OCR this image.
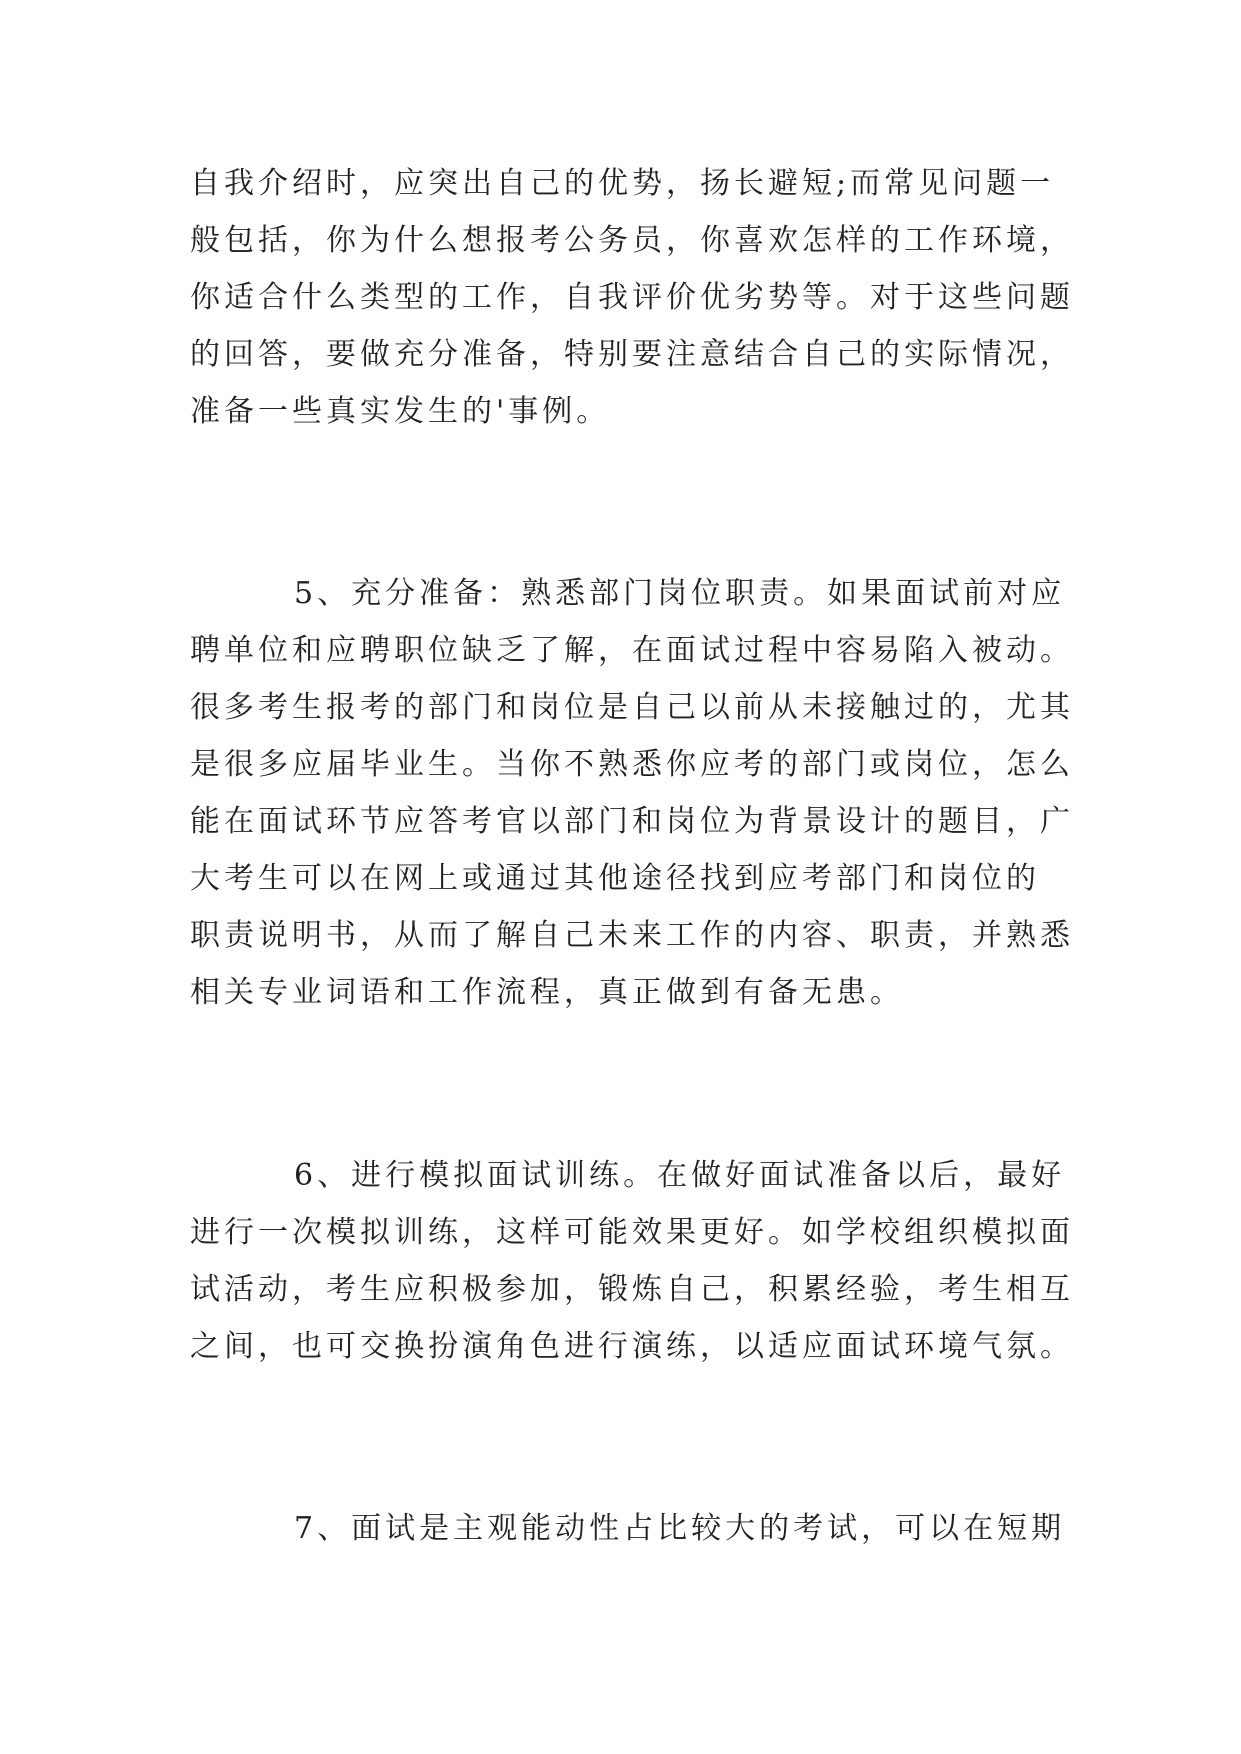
自我介绍时，应突出自己的优势，扬长避短;而常见问题一
般包括，你为什么想报考公务员，你喜欢怎样的工作环境，
你适合什么类型的工作，自我评价优劣势等。对于这些问题
的回答，要做充分准备，特别要注意结合自己的实际情况，
准备一些真实发生的'事例。

5、充分准备：熟悉部门岗位职责。如果面试前对应
聘单位和应聘职位缺乏了解，在面试过程中容易陷入被动。
很多考生报考的部门和岗位是自己以前从未接触过的，尤其
是很多应届毕业生。当你不熟悉你应考的部门或岗位，怎么
能在面试环节应答考官以部门和岗位为背景设计的题目，广
大考生可以在网上或通过其他途径找到应考部门和岗位的
职责说明书，从而了解自己未来工作的内容、职责，并熟悉
相关专业词语和工作流程，真正做到有备无患。

6、进行模拟面试训练。在做好面试准备以后，最好
进行一次模拟训练，这样可能效果更好。如学校组织模拟面
试活动，考生应积极参加，锻炼自己，积累经验，考生相互
之间，也可交换扮演角色进行演练，以适应面试环境气氛。

7、面试是主观能动性占比较大的考试，可以在短期
